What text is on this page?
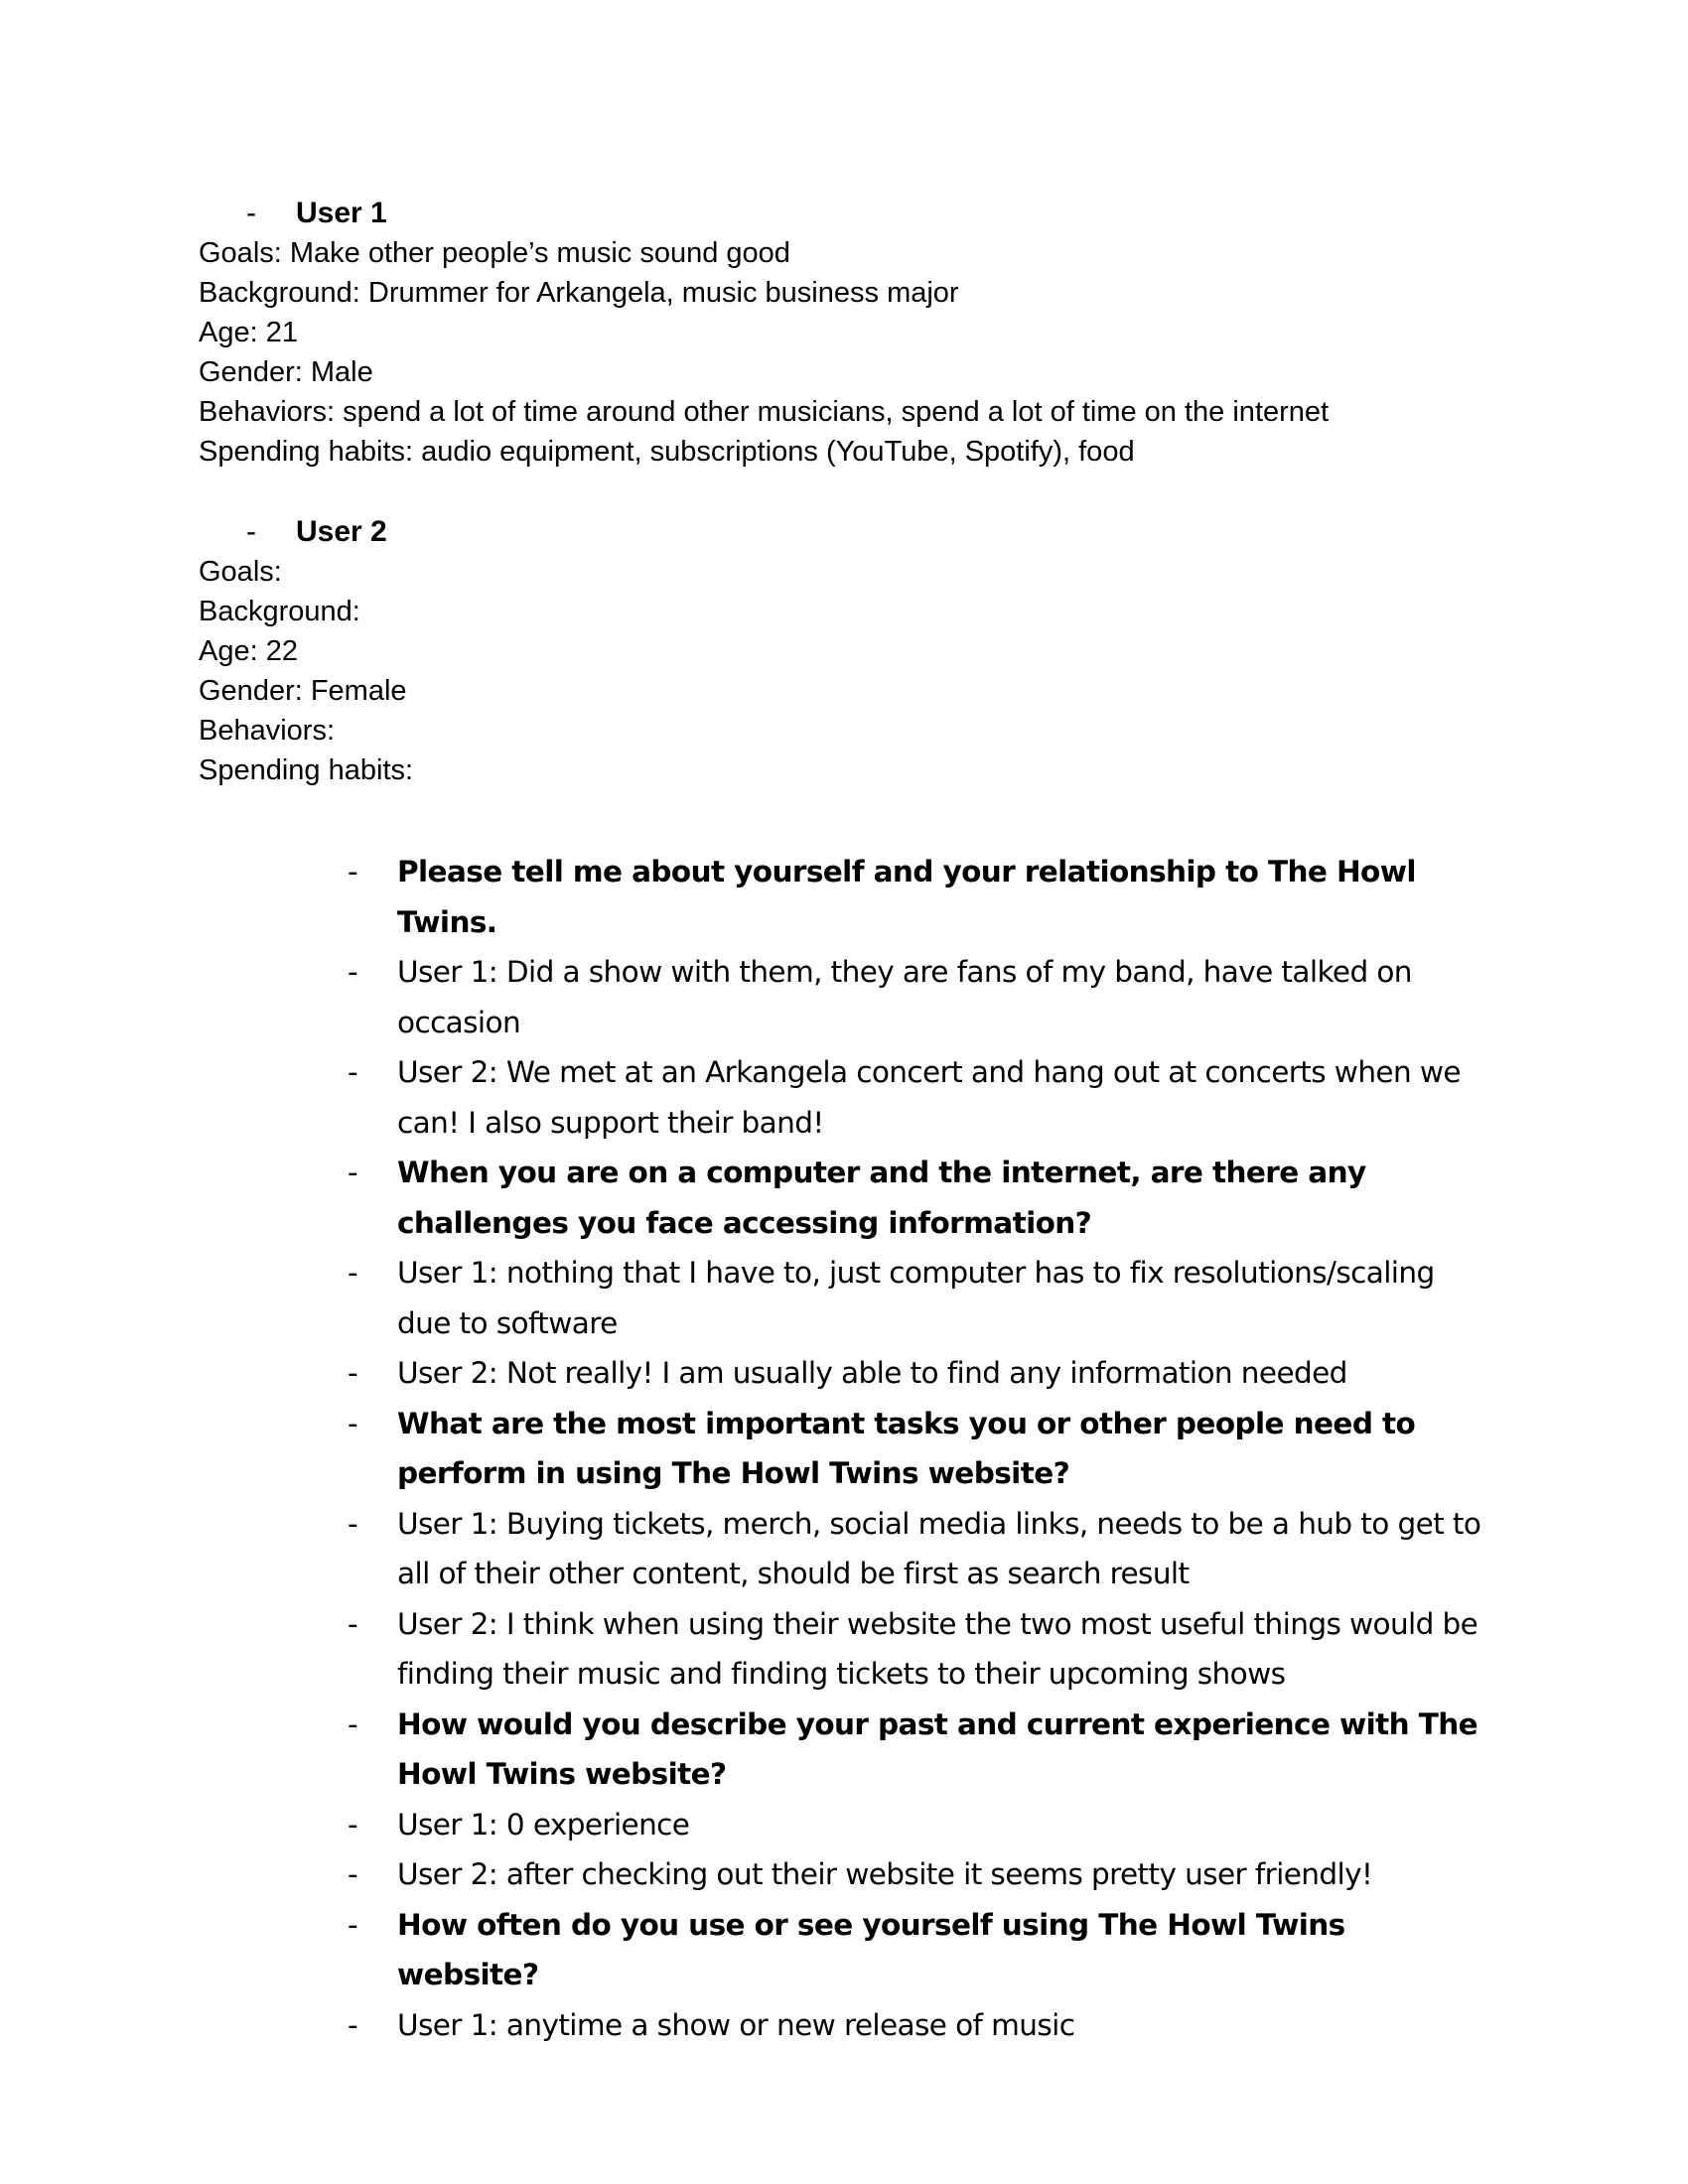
- User 1
Goals: Make other people’s music sound good
Background: Drummer for Arkangela, music business major
Age: 21
Gender: Male
Behaviors: spend a lot of time around other musicians, spend a lot of time on the internet
Spending habits: audio equipment, subscriptions (YouTube, Spotify), food
- User 2
Goals:
Background:
Age: 22
Gender: Female
Behaviors:
Spending habits:
- Please tell me about yourself and your relationship to The Howl Twins.
- User 1: Did a show with them, they are fans of my band, have talked on occasion
- User 2: We met at an Arkangela concert and hang out at concerts when we can! I also support their band!
- When you are on a computer and the internet, are there any challenges you face accessing information?
- User 1: nothing that I have to, just computer has to fix resolutions/scaling due to software
- User 2: Not really! I am usually able to find any information needed
- What are the most important tasks you or other people need to perform in using The Howl Twins website?
- User 1: Buying tickets, merch, social media links, needs to be a hub to get to all of their other content, should be first as search result
- User 2: I think when using their website the two most useful things would be finding their music and finding tickets to their upcoming shows
- How would you describe your past and current experience with The Howl Twins website?
- User 1: 0 experience
- User 2: after checking out their website it seems pretty user friendly!
- How often do you use or see yourself using The Howl Twins website?
- User 1: anytime a show or new release of music
